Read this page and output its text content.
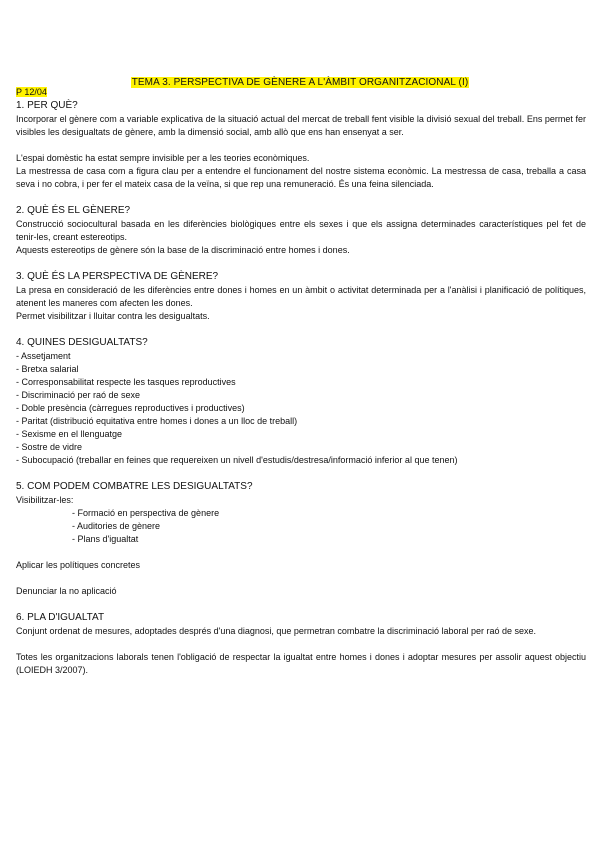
TEMA 3. PERSPECTIVA DE GÈNERE A L'ÀMBIT ORGANITZACIONAL (I)
P 12/04
1. PER QUÈ?

Incorporar el gènere com a variable explicativa de la situació actual del mercat de treball fent visible la divisió sexual del treball. Ens permet fer visibles les desigualtats de gènere, amb la dimensió social, amb allò que ens han ensenyat a ser.

L'espai domèstic ha estat sempre invisible per a les teories econòmiques.

La mestressa de casa com a figura clau per a entendre el funcionament del nostre sistema econòmic. La mestressa de casa, treballa a casa seva i no cobra, i per fer el mateix casa de la veïna, si que rep una remuneració. És una feina silenciada.

2. QUÈ ÉS EL GÈNERE?

Construcció sociocultural basada en les diferències biològiques entre els sexes i que els assigna determinades característiques pel fet de tenir-les, creant estereotips.

Aquests estereotips de gènere són la base de la discriminació entre homes i dones.

3. QUÈ ÉS LA PERSPECTIVA DE GÈNERE?

La presa en consideració de les diferències entre dones i homes en un àmbit o activitat determinada per a l'anàlisi i planificació de polítiques, atenent les maneres com afecten les dones.

Permet visibilitzar i lluitar contra les desigualtats.

4. QUINES DESIGUALTATS?
- Assetjament
- Bretxa salarial
- Corresponsabilitat respecte les tasques reproductives
- Discriminació per raó de sexe
- Doble presència (càrregues reproductives i productives)
- Paritat (distribució equitativa entre homes i dones a un lloc de treball)
- Sexisme en el llenguatge
- Sostre de vidre
- Subocupació (treballar en feines que requereixen un nivell d'estudis/destresa/informació inferior al que tenen)
5. COM PODEM COMBATRE LES DESIGUALTATS?
Visibilitzar-les:
- Formació en perspectiva de gènere
- Auditories de gènere
- Plans d'igualtat

Aplicar les polítiques concretes

Denunciar la no aplicació

6. PLA D'IGUALTAT

Conjunt ordenat de mesures, adoptades després d'una diagnosi, que permetran combatre la discriminació laboral per raó de sexe.

Totes les organitzacions laborals tenen l'obligació de respectar la igualtat entre homes i dones i adoptar mesures per assolir aquest objectiu (LOIEDH 3/2007).
